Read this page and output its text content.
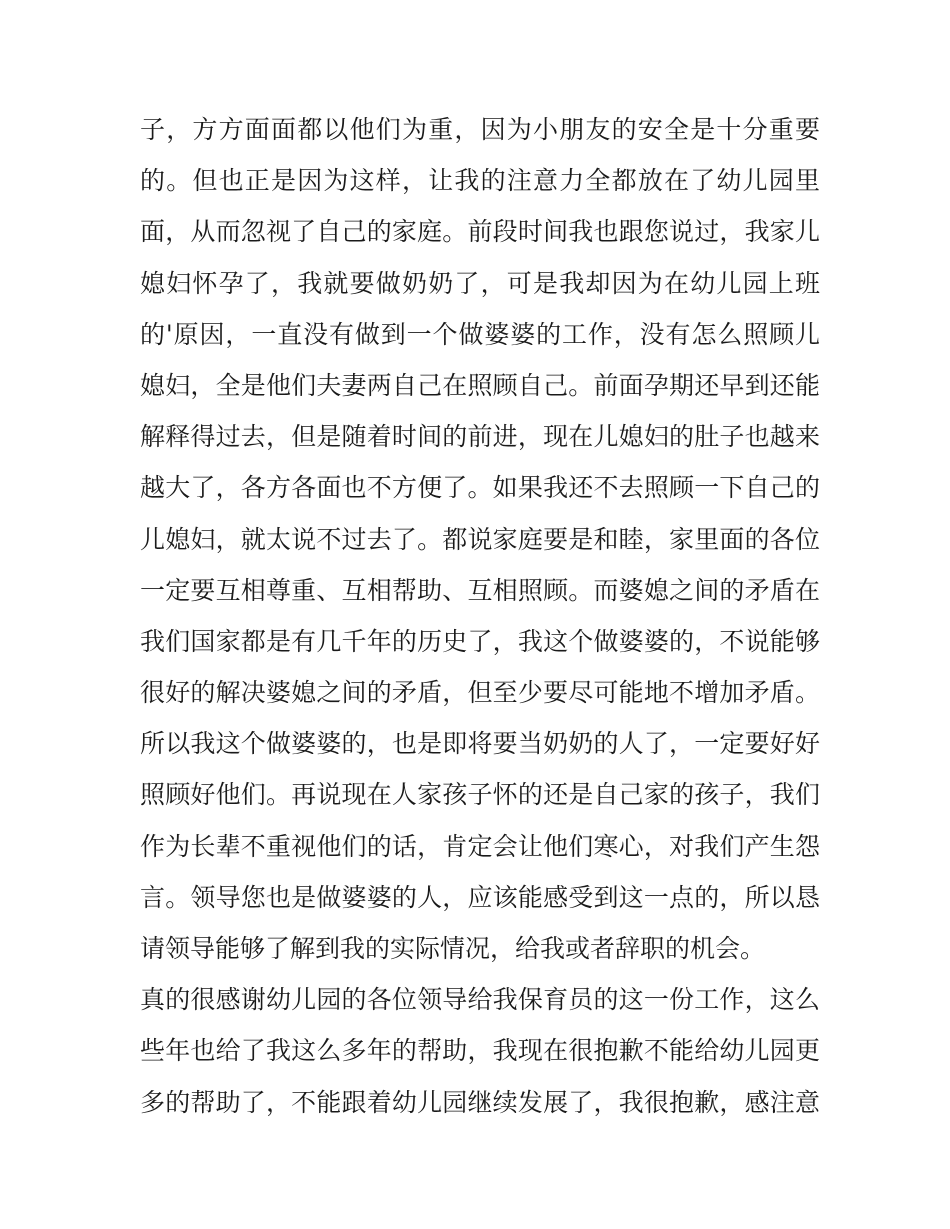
子，方方面面都以他们为重，因为小朋友的安全是十分重要
的。但也正是因为这样，让我的注意力全都放在了幼儿园里
面，从而忽视了自己的家庭。前段时间我也跟您说过，我家儿
媳妇怀孕了，我就要做奶奶了，可是我却因为在幼儿园上班
的'原因，一直没有做到一个做婆婆的工作，没有怎么照顾儿
媳妇，全是他们夫妻两自己在照顾自己。前面孕期还早到还能
解释得过去，但是随着时间的前进，现在儿媳妇的肚子也越来
越大了，各方各面也不方便了。如果我还不去照顾一下自己的
儿媳妇，就太说不过去了。都说家庭要是和睦，家里面的各位
一定要互相尊重、互相帮助、互相照顾。而婆媳之间的矛盾在
我们国家都是有几千年的历史了，我这个做婆婆的，不说能够
很好的解决婆媳之间的矛盾，但至少要尽可能地不增加矛盾。
所以我这个做婆婆的，也是即将要当奶奶的人了，一定要好好
照顾好他们。再说现在人家孩子怀的还是自己家的孩子，我们
作为长辈不重视他们的话，肯定会让他们寒心，对我们产生怨
言。领导您也是做婆婆的人，应该能感受到这一点的，所以恳
请领导能够了解到我的实际情况，给我或者辞职的机会。
真的很感谢幼儿园的各位领导给我保育员的这一份工作，这么
些年也给了我这么多年的帮助，我现在很抱歉不能给幼儿园更
多的帮助了，不能跟着幼儿园继续发展了，我很抱歉，感注意
